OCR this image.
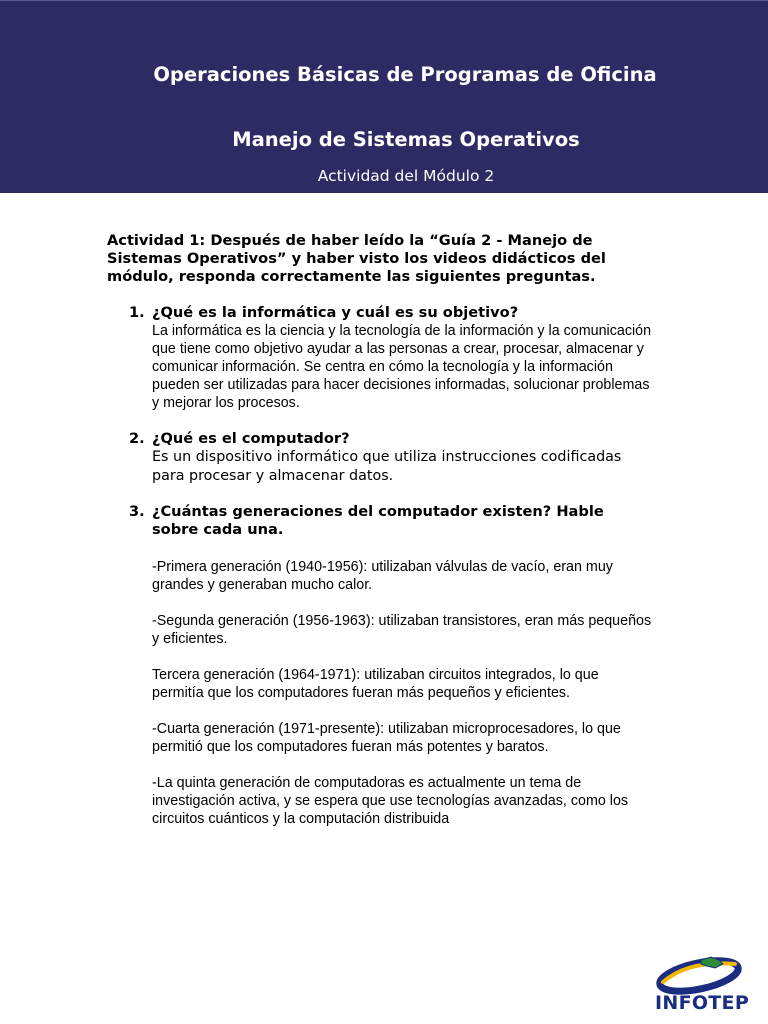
Operaciones Básicas de Programas de Oficina
Manejo de Sistemas Operativos
Actividad del Módulo 2
Actividad 1: Después de haber leído la “Guía 2 - Manejo de Sistemas Operativos” y haber visto los videos didácticos del módulo, responda correctamente las siguientes preguntas.
1. ¿Qué es la informática y cuál es su objetivo?
La informática es la ciencia y la tecnología de la información y la comunicación que tiene como objetivo ayudar a las personas a crear, procesar, almacenar y comunicar información. Se centra en cómo la tecnología y la información pueden ser utilizadas para hacer decisiones informadas, solucionar problemas y mejorar los procesos.
2. ¿Qué es el computador?
Es un dispositivo informático que utiliza instrucciones codificadas para procesar y almacenar datos.
3. ¿Cuántas generaciones del computador existen? Hable sobre cada una.
-Primera generación (1940-1956): utilizaban válvulas de vacío, eran muy grandes y generaban mucho calor.
-Segunda generación (1956-1963): utilizaban transistores, eran más pequeños y eficientes.
Tercera generación (1964-1971): utilizaban circuitos integrados, lo que permitía que los computadores fueran más pequeños y eficientes.
-Cuarta generación (1971-presente): utilizaban microprocesadores, lo que permitió que los computadores fueran más potentes y baratos.
-La quinta generación de computadoras es actualmente un tema de investigación activa, y se espera que use tecnologías avanzadas, como los circuitos cuánticos y la computación distribuida
INFOTEP
